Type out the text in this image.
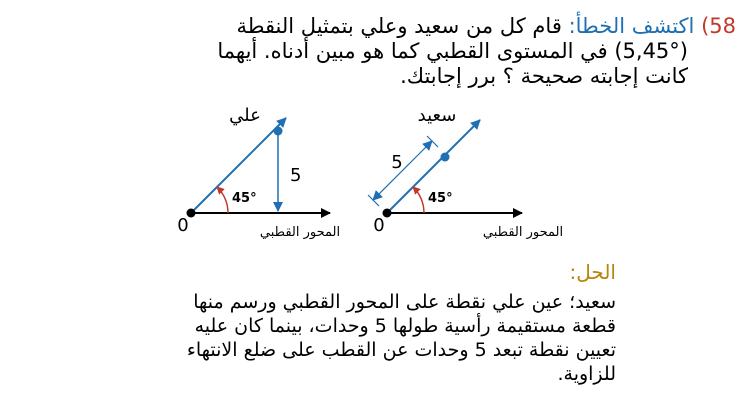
58) اكتشف الخطأ: قام كل من سعيد وعلي بتمثيل النقطة
(5,45°) في المستوى القطبي كما هو مبين أدناه. أيهما
كانت إجابته صحيحة ؟ برر إجابتك.
علي
45°
5
0	المحور القطبي
سعيد
45°
5
0	المحور القطبي
الحل:
سعيد؛ عين علي نقطة على المحور القطبي ورسم منها
قطعة مستقيمة رأسية طولها 5 وحدات، بينما كان عليه
تعيين نقطة تبعد 5 وحدات عن القطب على ضلع الانتهاء
للزاوية.
